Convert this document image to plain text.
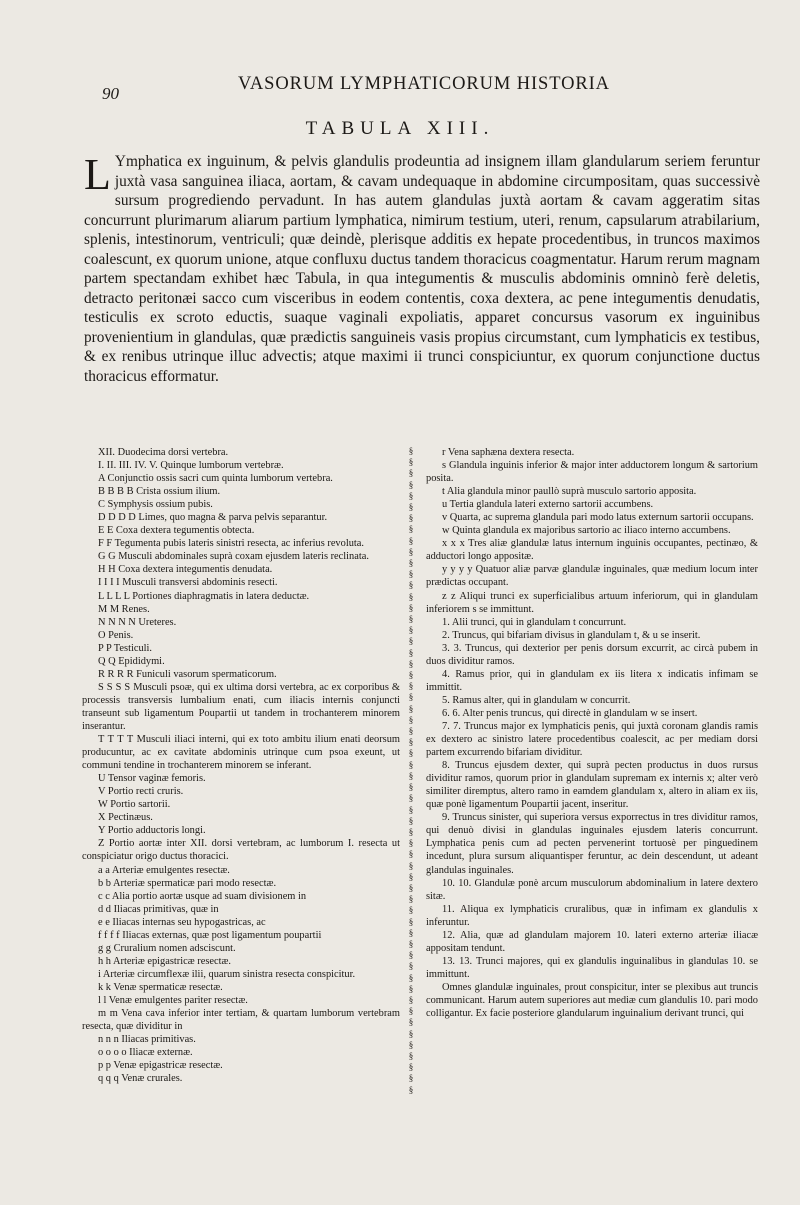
90	VASORUM LYMPHATICORUM HISTORIA
TABULA XIII.
L Ymphatica ex inguinum, & pelvis glandulis prodeuntia ad insignem illam glandularum seriem feruntur juxtà vasa sanguinea iliaca, aortam, & cavam undequaque in abdomine circumpositam, quas successivè sursum progrediendo pervadunt. In has autem glandulas juxtà aortam & cavam aggeratim sitas concurrunt plurimarum aliarum partium lymphatica, nimirum testium, uteri, renum, capsularum atrabilarium, splenis, intestinorum, ventriculi; quæ deindè, plerisque additis ex hepate procedentibus, in truncos maximos coalescunt, ex quorum unione, atque confluxu ductus tandem thoracicus coagmentatur. Harum rerum magnam partem spectandam exhibet hæc Tabula, in qua integumentis & musculis abdominis omninò ferè deletis, detracto peritonæi sacco cum visceribus in eodem contentis, coxa dextera, ac pene integumentis denudatis, testiculis ex scroto eductis, suaque vaginali expoliatis, apparet concursus vasorum ex inguinibus provenientium in glandulas, quæ prædictis sanguineis vasis propius circumstant, cum lymphaticis ex testibus, & ex renibus utrinque illuc advectis; atque maximi ii trunci conspiciuntur, ex quorum conjunctione ductus thoracicus efformatur.

XII. Duodecima dorsi vertebra.

I. II. III. IV. V. Quinque lumborum vertebræ.

A Conjunctio ossis sacri cum quinta lumborum vertebra.

B B B B Crista ossium ilium.

C Symphysis ossium pubis.

D D D D Limes, quo magna & parva pelvis separantur.

E E Coxa dextera tegumentis obtecta.

F F Tegumenta pubis lateris sinistri resecta, ac inferius revoluta.

G G Musculi abdominales suprà coxam ejusdem lateris reclinata.

H H Coxa dextera integumentis denudata.

I I I I Musculi transversi abdominis resecti.

L L L L Portiones diaphragmatis in latera deductæ.

M M Renes.

N N N N Ureteres.

O Penis.

P P Testiculi.

Q Q Epididymi.

R R R R Funiculi vasorum spermaticorum.

S S S S Musculi psoæ, qui ex ultima dorsi vertebra, ac ex corporibus & processis transversis lumbalium enati, cum iliacis internis conjuncti transeunt sub ligamentum Poupartii ut tandem in trochanterem minorem inserantur.

T T T T Musculi iliaci interni, qui ex toto ambitu ilium enati deorsum producuntur, ac ex cavitate abdominis utrinque cum psoa exeunt, ut communi tendine in trochanterem minorem se inferant.

U Tensor vaginæ femoris.

V Portio recti cruris.

W Portio sartorii.

X Pectinæus.

Y Portio adductoris longi.

Z Portio aortæ inter XII. dorsi vertebram, ac lumborum I. resecta ut conspiciatur origo ductus thoracici.

a a Arteriæ emulgentes resectæ.

b b Arteriæ spermaticæ pari modo resectæ.

c c Alia portio aortæ usque ad suam divisionem in

d d Iliacas primitivas, quæ in

e e Iliacas internas seu hypogastricas, ac

f f f f Iliacas externas, quæ post ligamentum poupartii

g g Cruralium nomen adsciscunt.

h h Arteriæ epigastricæ resectæ.

i Arteriæ circumflexæ ilii, quarum sinistra resecta conspicitur.

k k Venæ spermaticæ resectæ.

l l Venæ emulgentes pariter resectæ.

m m Vena cava inferior inter tertiam, & quartam lumborum vertebram resecta, quæ dividitur in

n n n Iliacas primitivas.

o o o o Iliacæ externæ.

p p Venæ epigastricæ resectæ.

q q q Venæ crurales.

§
§
§
§
§
§
§
§
§
§
§
§
§
§
§
§
§
§
§
§
§
§
§
§
§
§
§
§
§
§
§
§
§
§
§
§
§
§
§
§
§
§
§
§
§
§
§
§
§
§
§
§
§
§
§
§
§
§

r Vena saphæna dextera resecta.

s Glandula inguinis inferior & major inter adductorem longum & sartorium posita.

t Alia glandula minor paullò suprà musculo sartorio apposita.

u Tertia glandula lateri externo sartorii accumbens.

v Quarta, ac suprema glandula pari modo latus externum sartorii occupans.

w Quinta glandula ex majoribus sartorio ac iliaco interno accumbens.

x x x Tres aliæ glandulæ latus internum inguinis occupantes, pectinæo, & adductori longo appositæ.

y y y y Quatuor aliæ parvæ glandulæ inguinales, quæ medium locum inter prædictas occupant.

z z Aliqui trunci ex superficialibus artuum inferiorum, qui in glandulam inferiorem s se immittunt.

1. Alii trunci, qui in glandulam t concurrunt.

2. Truncus, qui bifariam divisus in glandulam t, & u se inserit.

3. 3. Truncus, qui dexterior per penis dorsum excurrit, ac circà pubem in duos dividitur ramos.

4. Ramus prior, qui in glandulam ex iis litera x indicatis infimam se immittit.

5. Ramus alter, qui in glandulam w concurrit.

6. 6. Alter penis truncus, qui directè in glandulam w se insert.

7. 7. Truncus major ex lymphaticis penis, qui juxtà coronam glandis ramis ex dextero ac sinistro latere procedentibus coalescit, ac per mediam dorsi partem excurrendo bifariam dividitur.

8. Truncus ejusdem dexter, qui suprà pecten productus in duos rursus dividitur ramos, quorum prior in glandulam supremam ex internis x; alter verò similiter diremptus, altero ramo in eamdem glandulam x, altero in aliam ex iis, quæ ponè ligamentum Poupartii jacent, inseritur.

9. Truncus sinister, qui superiora versus exporrectus in tres dividitur ramos, qui denuò divisi in glandulas inguinales ejusdem lateris concurrunt. Lymphatica penis cum ad pecten pervenerint tortuosè per pinguedinem incedunt, plura sursum aliquantisper feruntur, ac dein descendunt, ut adeant glandulas inguinales.

10. 10. Glandulæ ponè arcum musculorum abdominalium in latere dextero sitæ.

11. Aliqua ex lymphaticis cruralibus, quæ in infimam ex glandulis x inferuntur.

12. Alia, quæ ad glandulam majorem 10. lateri externo arteriæ iliacæ appositam tendunt.

13. 13. Trunci majores, qui ex glandulis inguinalibus in glandulas 10. se immittunt.

Omnes glandulæ inguinales, prout conspicitur, inter se plexibus aut truncis communicant. Harum autem superiores aut mediæ cum glandulis 10. pari modo colligantur. Ex facie posteriore glandularum inguinalium derivant trunci, qui
